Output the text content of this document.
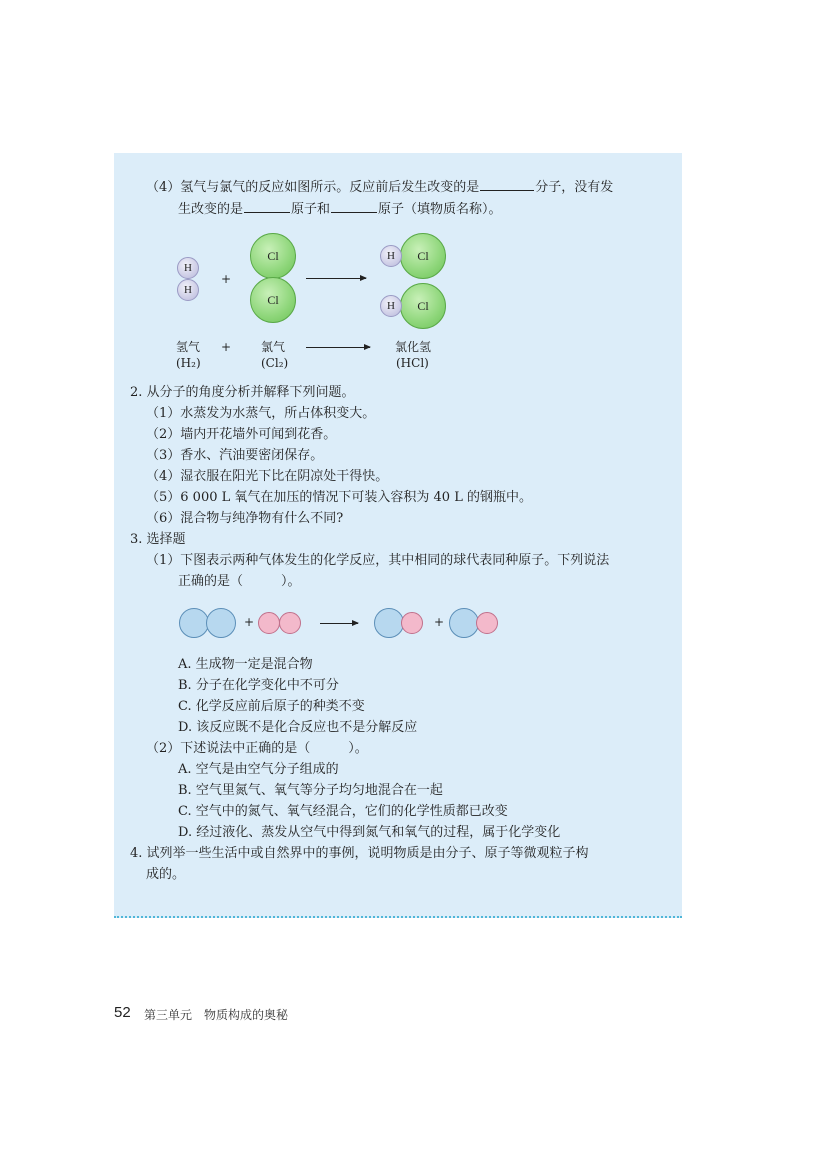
（4）氢气与氯气的反应如图所示。反应前后发生改变的是	分子，没有发
生改变的是	原子和	原子（填物质名称）。
H
H
+
Cl
Cl
Cl
H
Cl
H
氢气
(H₂)
+ 氯气
(Cl₂)
氯化氢
(HCl)
2. 从分子的角度分析并解释下列问题。
（1）水蒸发为水蒸气，所占体积变大。
（2）墙内开花墙外可闻到花香。
（3）香水、汽油要密闭保存。
（4）湿衣服在阳光下比在阴凉处干得快。
（5）6 000 L 氧气在加压的情况下可装入容积为 40 L 的钢瓶中。
（6）混合物与纯净物有什么不同?
3. 选择题
（1）下图表示两种气体发生的化学反应，其中相同的球代表同种原子。下列说法
正确的是（	）。
+	+
A. 生成物一定是混合物
B. 分子在化学变化中不可分
C. 化学反应前后原子的种类不变
D. 该反应既不是化合反应也不是分解反应
（2）下述说法中正确的是（	）。
A. 空气是由空气分子组成的
B. 空气里氮气、氧气等分子均匀地混合在一起
C. 空气中的氮气、氧气经混合，它们的化学性质都已改变
D. 经过液化、蒸发从空气中得到氮气和氧气的过程，属于化学变化
4. 试列举一些生活中或自然界中的事例，说明物质是由分子、原子等微观粒子构
成的。
52 第三单元　物质构成的奥秘
